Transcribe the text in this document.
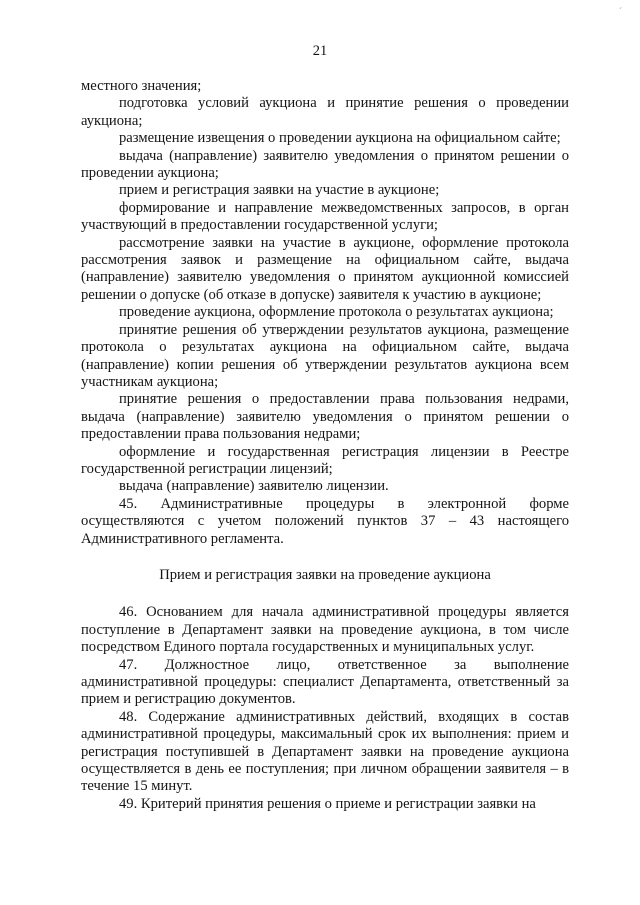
´
21

местного значения;

подготовка условий аукциона и принятие решения о проведении аукциона;

размещение извещения о проведении аукциона на официальном сайте;

выдача (направление) заявителю уведомления о принятом решении о проведении аукциона;

прием и регистрация заявки на участие в аукционе;

формирование и направление межведомственных запросов, в орган участвующий в предоставлении государственной услуги;

рассмотрение заявки на участие в аукционе, оформление протокола рассмотрения заявок и размещение на официальном сайте, выдача (направление) заявителю уведомления о принятом аукционной комиссией решении о допуске (об отказе в допуске) заявителя к участию в аукционе;

проведение аукциона, оформление протокола о результатах аукциона;

принятие решения об утверждении результатов аукциона, размещение протокола о результатах аукциона на официальном сайте, выдача (направление) копии решения об утверждении результатов аукциона всем участникам аукциона;

принятие решения о предоставлении права пользования недрами, выдача (направление) заявителю уведомления о принятом решении о предоставлении права пользования недрами;

оформление и государственная регистрация лицензии в Реестре государственной регистрации лицензий;

выдача (направление) заявителю лицензии.

45. Административные процедуры в электронной форме осуществляются с учетом положений пунктов 37 – 43 настоящего Административного регламента.

Прием и регистрация заявки на проведение аукциона

46. Основанием для начала административной процедуры является поступление в Департамент заявки на проведение аукциона, в том числе посредством Единого портала государственных и муниципальных услуг.

47. Должностное лицо, ответственное за выполнение административной процедуры: специалист Департамента, ответственный за прием и регистрацию документов.

48. Содержание административных действий, входящих в состав административной процедуры, максимальный срок их выполнения: прием и регистрация поступившей в Департамент заявки на проведение аукциона осуществляется в день ее поступления; при личном обращении заявителя – в течение 15 минут.

49. Критерий принятия решения о приеме и регистрации заявки на
